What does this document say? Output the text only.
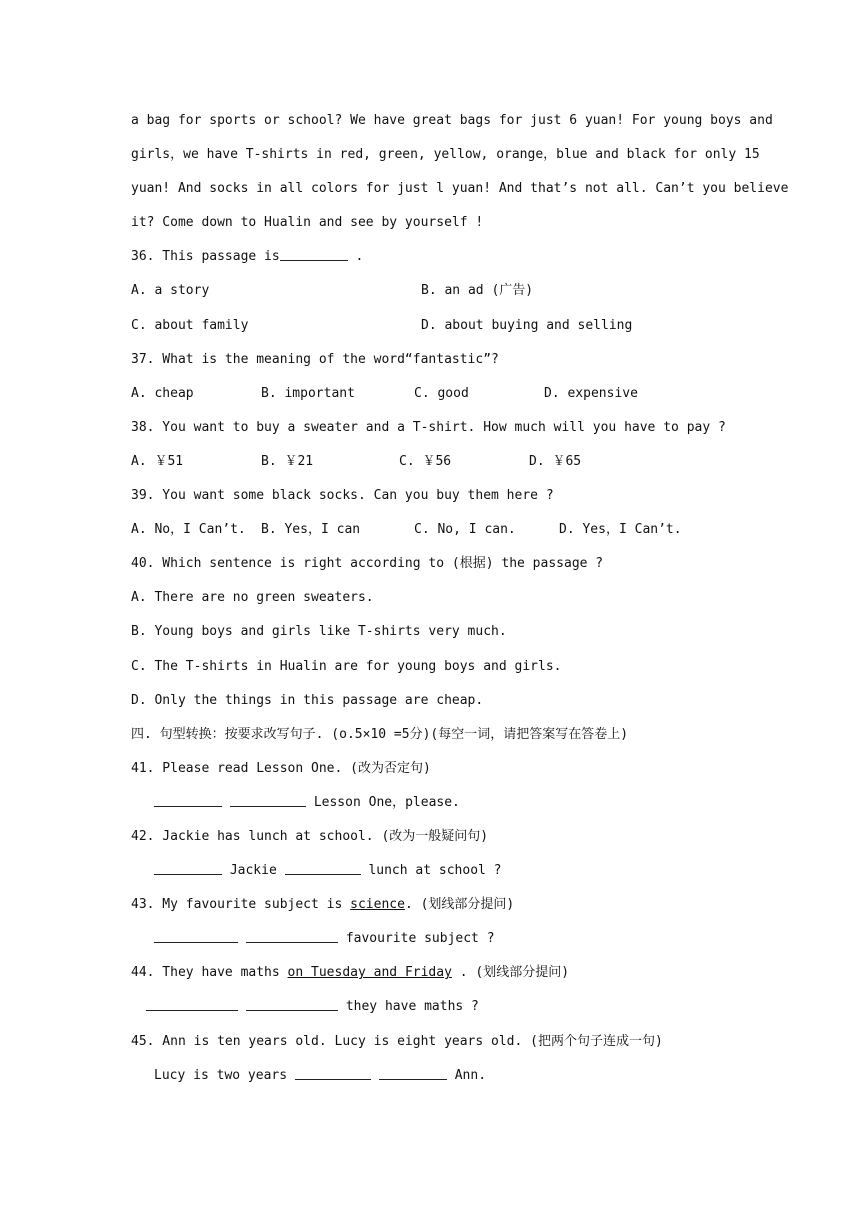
a bag for sports or school? We have great bags for just 6 yuan! For young boys and
girls，we have T-shirts in red, green, yellow, orange，blue and black for only 15
yuan! And socks in all colors for just l yuan! And that’s not all. Can’t you believe
it? Come down to Hualin and see by yourself !
36. This passage is	.
A. a story	B. an ad (广告)
C. about family	D. about buying and selling
37. What is the meaning of the word“fantastic”?
A. cheap	B. important	C. good	D. expensive
38. You want to buy a sweater and a T-shirt. How much will you have to pay ?
A. ￥51	B. ￥21	C. ￥56	D. ￥65
39. You want some black socks. Can you buy them here ?
A. No，I Can’t.	B. Yes，I can	C. No, I can.	D. Yes，I Can’t.
40. Which sentence is right according to (根据) the passage ?
A. There are no green sweaters.
B. Young boys and girls like T-shirts very much.
C. The T-shirts in Hualin are for young boys and girls.
D. Only the things in this passage are cheap.
四. 句型转换：按要求改写句子. (o.5×10 =5分)(每空一词，请把答案写在答卷上)
41. Please read Lesson One. (改为否定句)
Lesson One，please.
42. Jackie has lunch at school. (改为一般疑问句)
Jackie	lunch at school ?
43. My favourite subject is science. (划线部分提问)
favourite subject ?
44. They have maths on Tuesday and Friday . (划线部分提问)
they have maths ?
45. Ann is ten years old. Lucy is eight years old. (把两个句子连成一句)
Lucy is two years	Ann.
